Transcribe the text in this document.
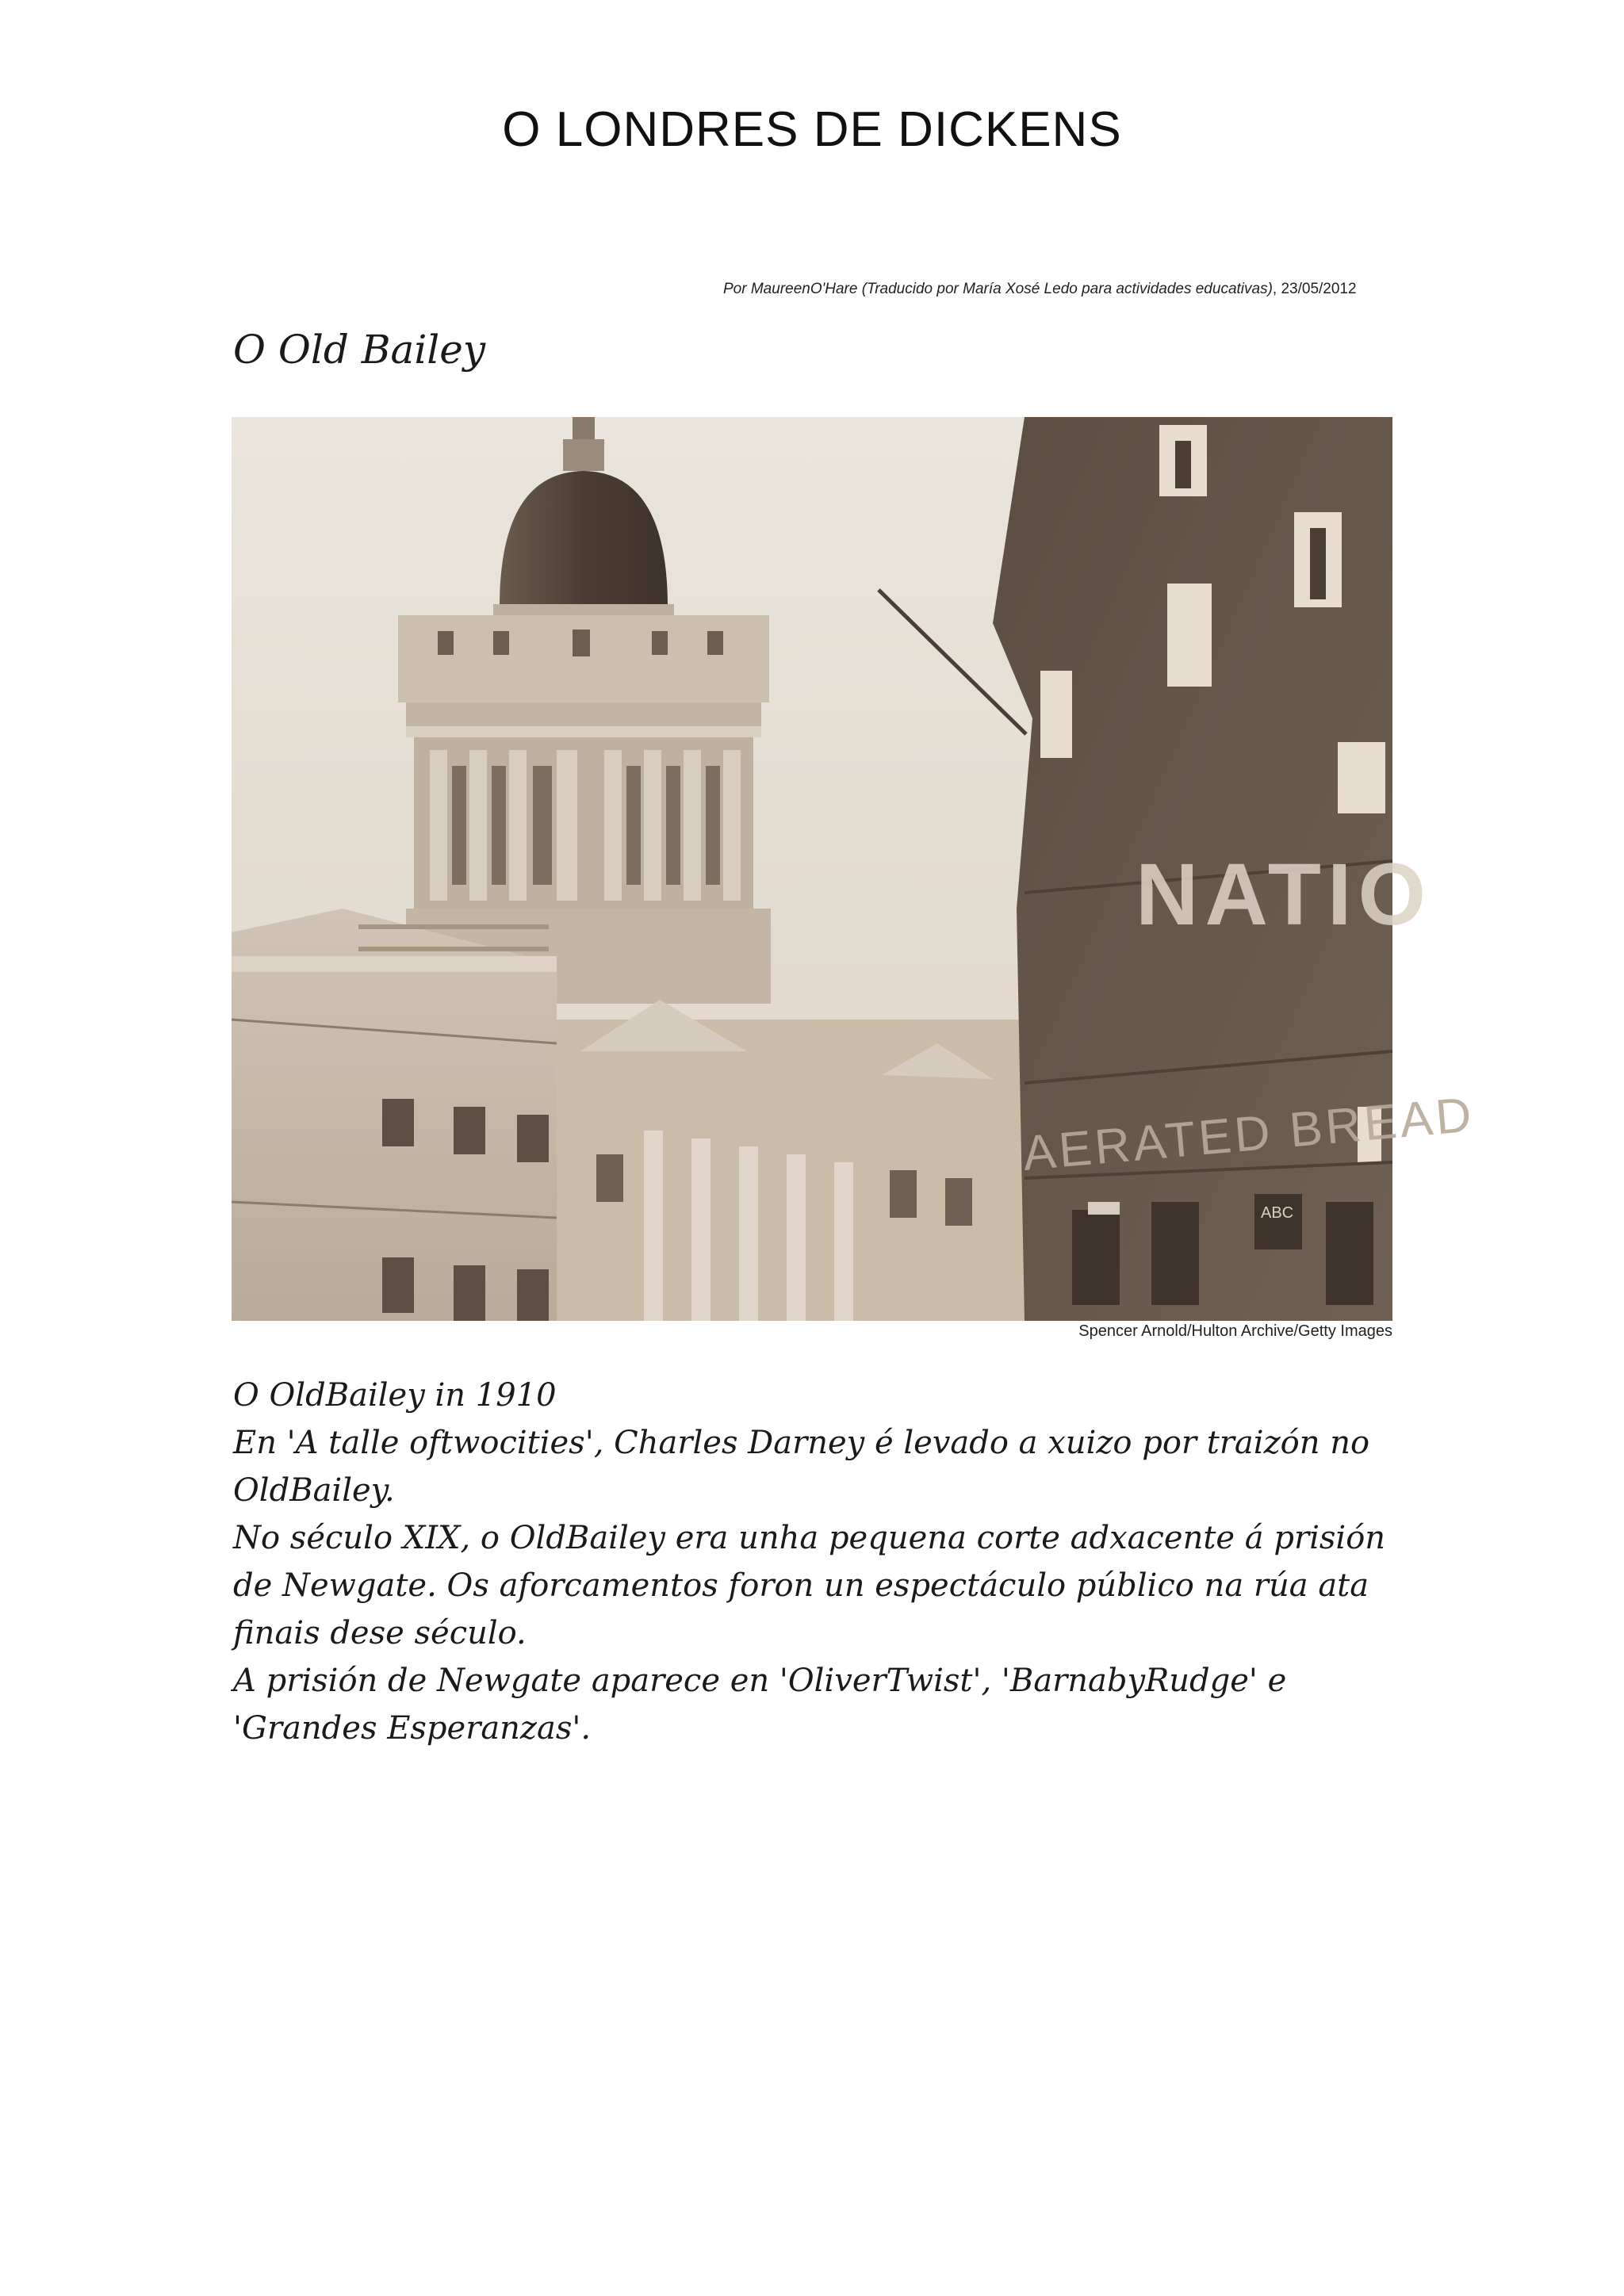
O LONDRES DE DICKENS
Por MaureenO'Hare (Traducido por María Xosé Ledo para actividades educativas), 23/05/2012
O Old Bailey
NATIO
AERATED BREAD
ABC
Spencer Arnold/Hulton Archive/Getty Images

O OldBailey in 1910

En 'A talle oftwocities', Charles Darney é levado a xuizo por traizón no OldBailey.

No século XIX, o OldBailey era unha pequena corte adxacente á prisión de Newgate. Os aforcamentos foron un espectáculo público na rúa ata finais dese século.

A prisión de Newgate aparece en 'OliverTwist', 'BarnabyRudge' e 'Grandes Esperanzas'.
